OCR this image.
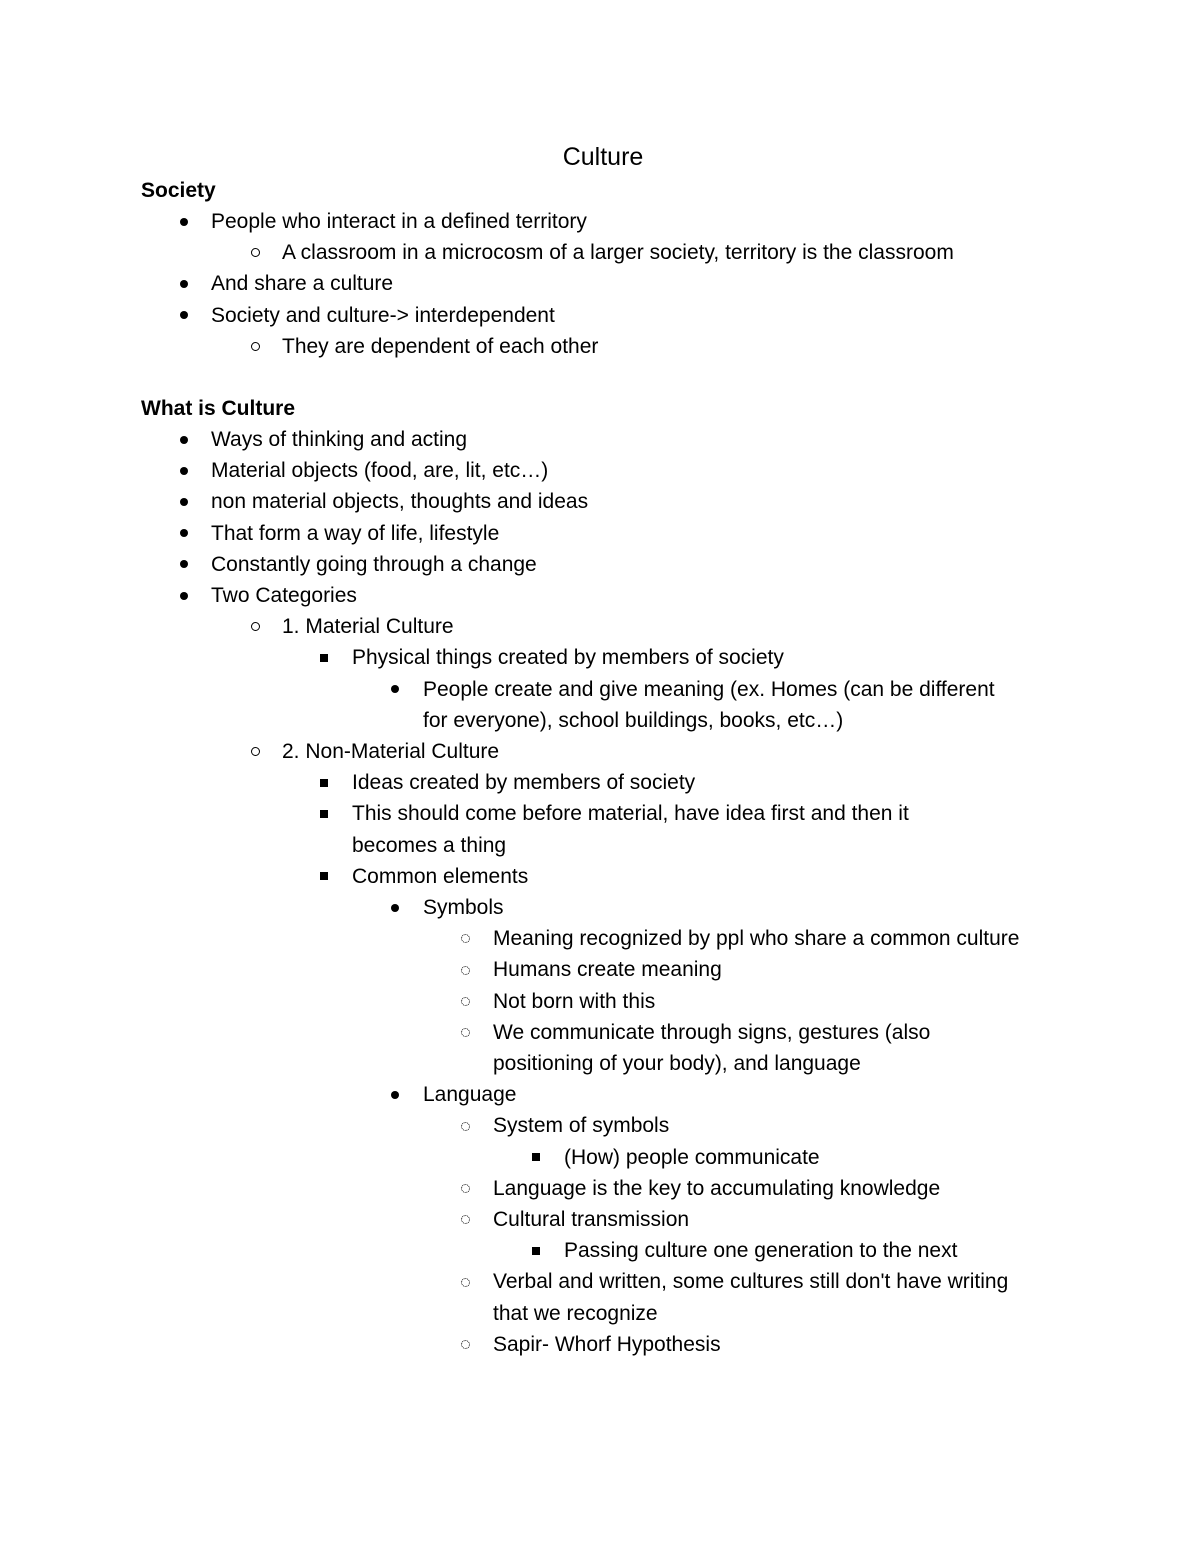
Culture
Society
People who interact in a defined territory
A classroom in a microcosm of a larger society, territory is the classroom
And share a culture
Society and culture-> interdependent
They are dependent of each other
What is Culture
Ways of thinking and acting
Material objects (food, are, lit, etc…)
non material objects, thoughts and ideas
That form a way of life, lifestyle
Constantly going through a change
Two Categories
1. Material Culture
Physical things created by members of society
People create and give meaning (ex. Homes (can be different for everyone), school buildings, books, etc…)
2. Non-Material Culture
Ideas created by members of society
This should come before material, have idea first and then it becomes a thing
Common elements
Symbols
Meaning recognized by ppl who share a common culture
Humans create meaning
Not born with this
We communicate through signs, gestures (also positioning of your body), and language
Language
System of symbols
(How) people communicate
Language is the key to accumulating knowledge
Cultural transmission
Passing culture one generation to the next
Verbal and written, some cultures still don't have writing that we recognize
Sapir- Whorf Hypothesis
